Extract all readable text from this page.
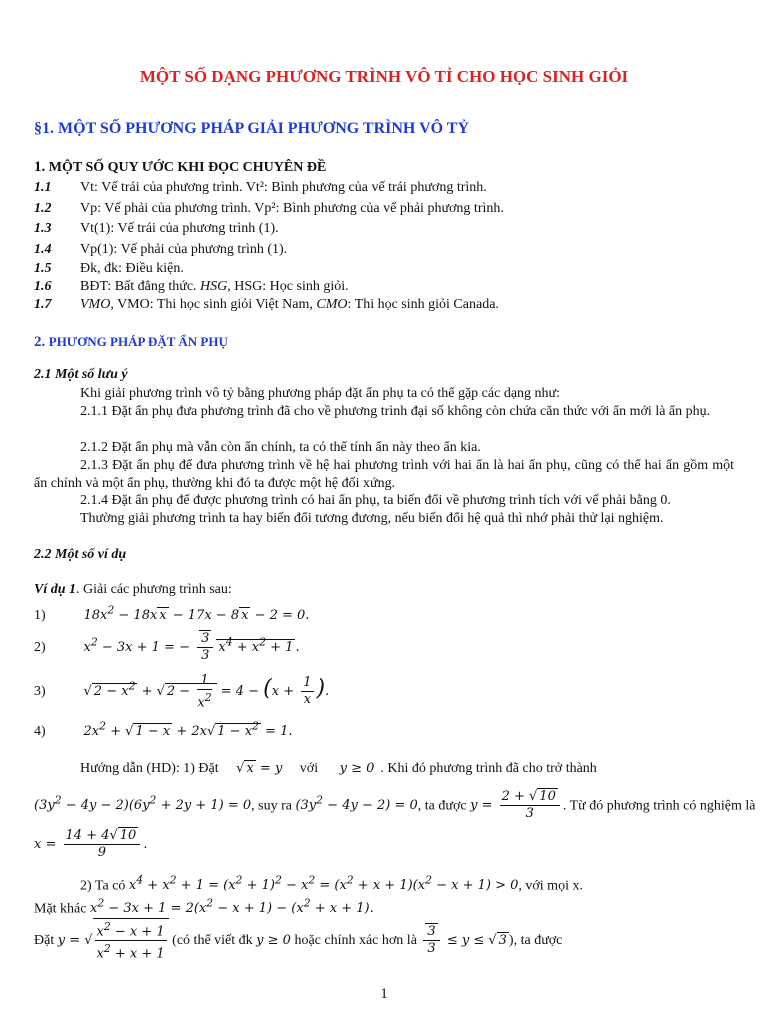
MỘT SỐ DẠNG PHƯƠNG TRÌNH VÔ TỈ CHO HỌC SINH GIỎI
§1. MỘT SỐ PHƯƠNG PHÁP GIẢI PHƯƠNG TRÌNH VÔ TỶ
1. MỘT SỐ QUY ƯỚC KHI ĐỌC CHUYÊN ĐỀ
1.1 Vt: Vế trái của phương trình. Vt²: Bình phương của vế trái phương trình.
1.2 Vp: Vế phải của phương trình. Vp²: Bình phương của vế phải phương trình.
1.3 Vt(1): Vế trái của phương trình (1).
1.4 Vp(1): Vế phải của phương trình (1).
1.5 Đk, đk: Điều kiện.
1.6 BĐT: Bất đẳng thức. HSG, HSG: Học sinh giỏi.
1.7 VMO, VMO: Thi học sinh giỏi Việt Nam, CMO: Thi học sinh giỏi Canada.
2. PHƯƠNG PHÁP ĐẶT ẨN PHỤ
2.1 Một số lưu ý
Khi giải phương trình vô tỷ bằng phương pháp đặt ẩn phụ ta có thể gặp các dạng như:
2.1.1 Đặt ẩn phụ đưa phương trình đã cho về phương trình đại số không còn chứa căn thức với ẩn mới là ẩn phụ.
2.1.2 Đặt ẩn phụ mà vẫn còn ẩn chính, ta có thể tính ẩn này theo ẩn kia.
2.1.3 Đặt ẩn phụ để đưa phương trình về hệ hai phương trình với hai ẩn là hai ẩn phụ, cũng có thể hai ẩn gồm một ẩn chính và một ẩn phụ, thường khi đó ta được một hệ đối xứng.
2.1.4 Đặt ẩn phụ để được phương trình có hai ẩn phụ, ta biến đổi về phương trình tích với vế phải bằng 0.
Thường giải phương trình ta hay biến đổi tương đương, nếu biến đổi hệ quả thì nhớ phải thử lại nghiệm.
2.2 Một số ví dụ
Ví dụ 1. Giải các phương trình sau:
1)	$18x^2 - 18x$ x − 17x − 8 x − 2 = 0.
2)	$x^2 - 3x + 1$ = − $\frac{3}{3} x^4 + x^2 + 1$ .
3)	√ $2 - x^2$ + √ $2 - \frac{1}{x^2} = 4 - (x + \frac{1}{x}$ ).
4)	$2x^2$ + √ 1 − x + 2x√ $1 - x^2 = 1$.
Hướng dẫn (HD): 1) Đặt √ x = y với y ≥ 0 . Khi đó phương trình đã cho trở thành
$(3y^2 - 4y - 2)(6y^2 + 2y + 1) = 0$, suy ra $(3y^2 - 4y - 2) = 0$, ta được $y = \frac{2 + √ 10}{3}$ . Từ đó phương trình có nghiệm là
$x = \frac{14 + 4√ 10}{9}$ .
2) Ta có $x^4 + x^2 + 1 = (x^2 + 1)^2 - x^2 = (x^2 + x + 1)(x^2 - x + 1) > 0$, với mọi x.
Mặt khác $x^2 - 3x + 1 = 2(x^2 - x + 1) - (x^2 + x + 1)$.
Đặt y = √ $\frac{x^2 - x + 1}{x^2 + x + 1}$ (có thể viết đk y ≥ 0 hoặc chính xác hơn là $\frac{3}{3} \le y$ ≤ √ 3 ), ta được
1
